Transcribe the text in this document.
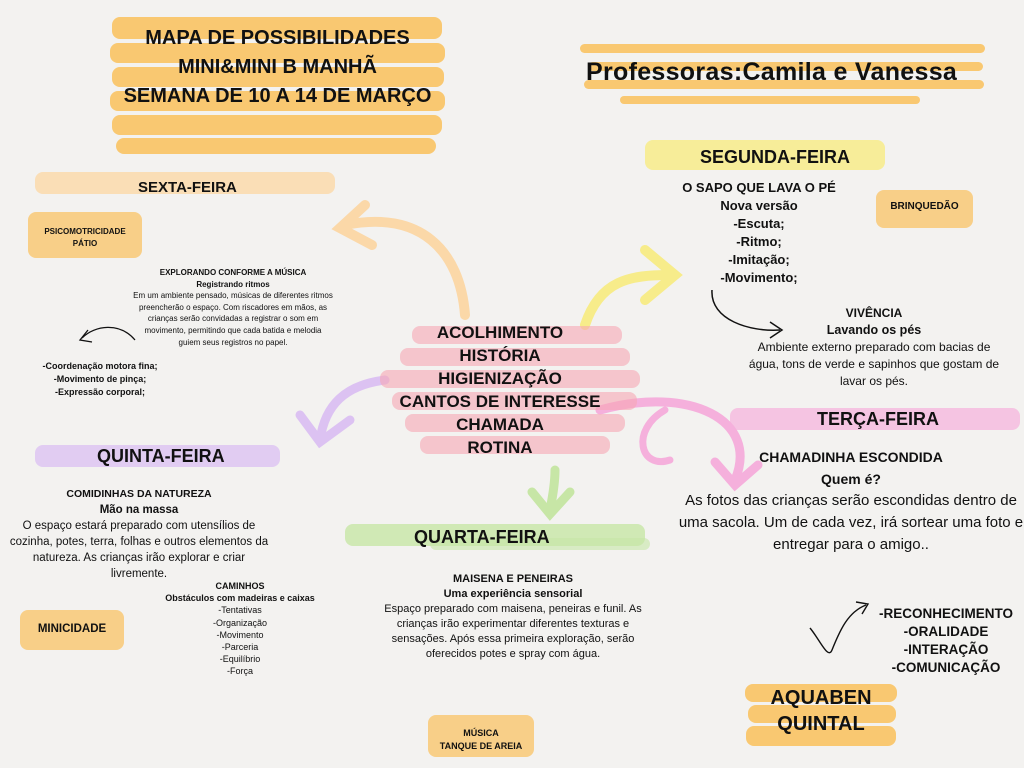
MAPA DE POSSIBILIDADES
MINI&MINI B MANHÃ
SEMANA DE 10 A 14 DE MARÇO
Professoras:Camila e Vanessa
ACOLHIMENTO
HISTÓRIA
HIGIENIZAÇÃO
CANTOS DE INTERESSE
CHAMADA
ROTINA
SEGUNDA-FEIRA
O SAPO QUE LAVA O PÉ
Nova versão
-Escuta;
-Ritmo;
-Imitação;
-Movimento;
BRINQUEDÃO
VIVÊNCIA
Lavando os pés
Ambiente externo preparado com bacias de água, tons de verde e sapinhos que gostam de lavar os pés.
TERÇA-FEIRA
CHAMADINHA ESCONDIDA
Quem é?
As fotos das crianças serão escondidas dentro de uma sacola. Um de cada vez, irá sortear uma foto e entregar para o amigo..
-RECONHECIMENTO
-ORALIDADE
-INTERAÇÃO
-COMUNICAÇÃO
AQUABEN
QUINTAL
QUARTA-FEIRA
MAISENA E PENEIRAS
Uma experiência sensorial
Espaço preparado com maisena, peneiras e funil. As crianças irão experimentar diferentes texturas e sensações. Após essa primeira exploração, serão oferecidos potes e spray com água.
MÚSICA
TANQUE DE AREIA
QUINTA-FEIRA
COMIDINHAS DA NATUREZA
Mão na massa
O espaço estará preparado com utensílios de cozinha, potes, terra, folhas e outros elementos da natureza. As crianças irão explorar e criar livremente.
CAMINHOS
Obstáculos com madeiras e caixas
-Tentativas
-Organização
-Movimento
-Parceria
-Equilíbrio
-Força
MINICIDADE
SEXTA-FEIRA
PSICOMOTRICIDADE
PÁTIO
EXPLORANDO CONFORME A MÚSICA
Registrando ritmos
Em um ambiente pensado, músicas de diferentes ritmos preencherão o espaço. Com riscadores em mãos, as crianças serão convidadas a registrar o som em movimento, permitindo que cada batida e melodia guiem seus registros no papel.
-Coordenação motora fina;
-Movimento de pinça;
-Expressão corporal;
